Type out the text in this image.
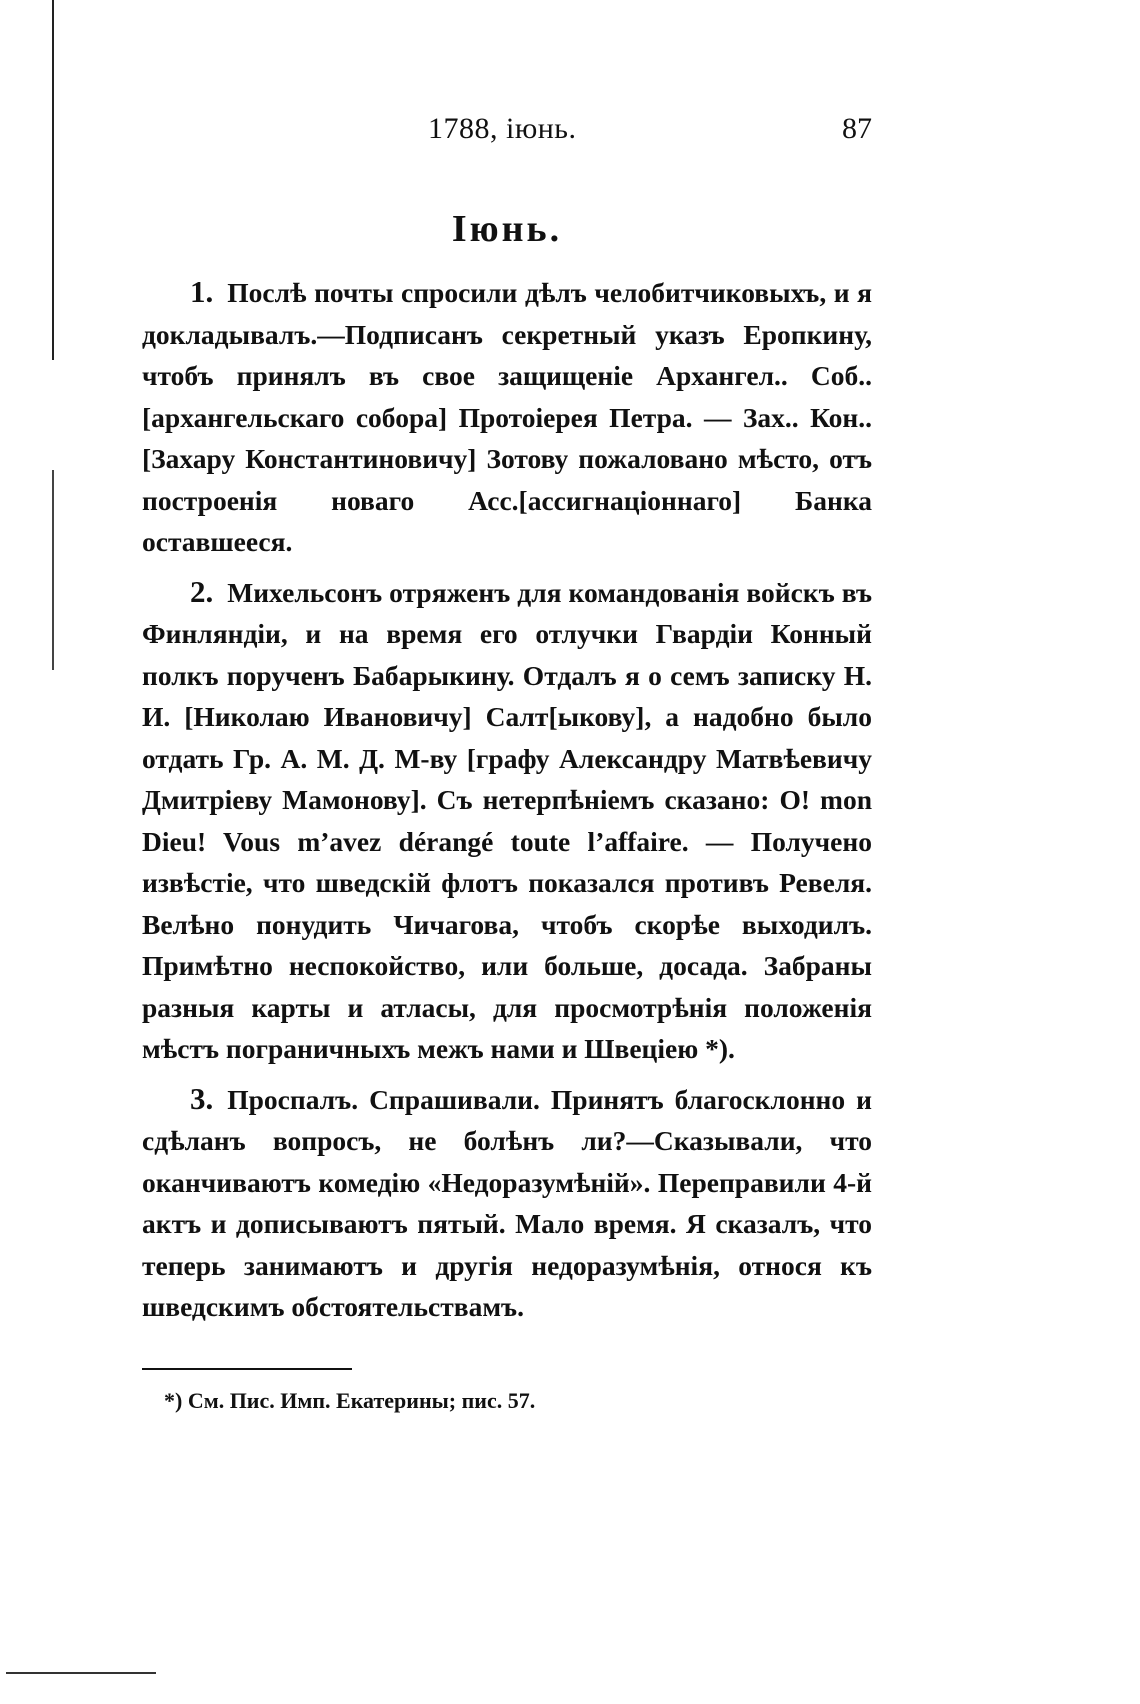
1788, іюнь.	87
Іюнь.

1. Послѣ почты спросили дѣлъ челобитчиковыхъ, и я докладывалъ.—Подписанъ секретный указъ Еропкину, чтобъ принялъ въ свое защищеніе Архангел.. Соб.. [архангельскаго собора] Протоіерея Петра. — Зах.. Кон.. [Захару Константиновичу] Зотову пожаловано мѣсто, отъ построенія новаго Асс.[ассигнаціоннаго] Банка оставшееся.

2. Михельсонъ отряженъ для командованія войскъ въ Финляндіи, и на время его отлучки Гвардіи Конный полкъ порученъ Бабарыкину. Отдалъ я о семъ записку Н. И. [Николаю Ивановичу] Салт[ыкову], а надобно было отдать Гр. А. М. Д. М-ву [графу Александру Матвѣевичу Дмитріеву Мамонову]. Съ нетерпѣніемъ сказано: О! mon Dieu! Vous m’avez dérangé toute l’affaire. — Получено извѣстіе, что шведскій флотъ показался противъ Ревеля. Велѣно понудить Чичагова, чтобъ скорѣе выходилъ. Примѣтно неспокойство, или больше, досада. Забраны разныя карты и атласы, для просмотрѣнія положенія мѣстъ пограничныхъ межъ нами и Швецiею *).

3. Проспалъ. Спрашивали. Принятъ благосклонно и сдѣланъ вопросъ, не болѣнъ ли?—Сказывали, что оканчиваютъ комедію «Недоразумѣній». Переправили 4-й актъ и дописываютъ пятый. Мало время. Я сказалъ, что теперь занимаютъ и другія недоразумѣнія, относя къ шведскимъ обстоятельствамъ.

*) См. Пис. Имп. Екатерины; пис. 57.
